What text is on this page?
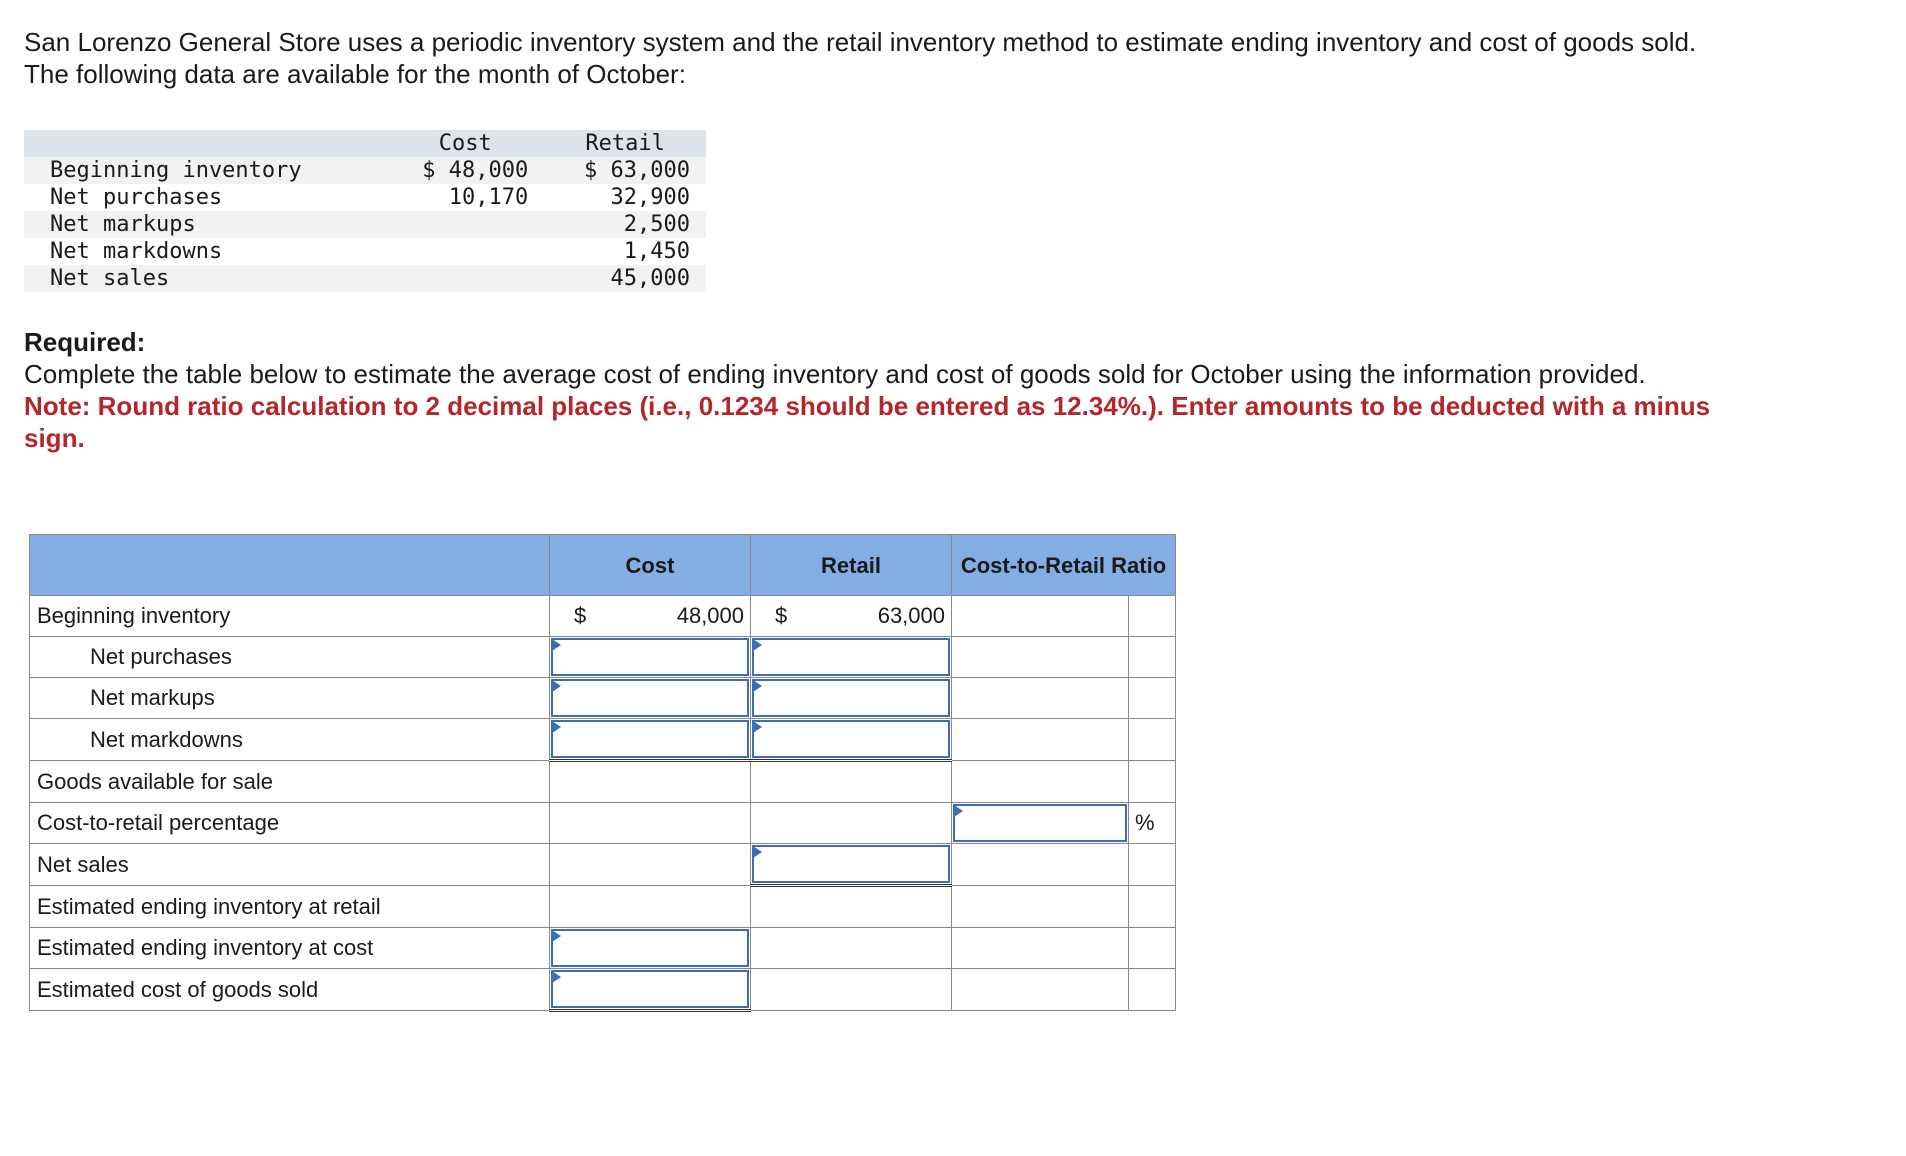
San Lorenzo General Store uses a periodic inventory system and the retail inventory method to estimate ending inventory and cost of goods sold. The following data are available for the month of October:
	Cost	Retail
Beginning inventory	$ 48,000	$ 63,000
Net purchases	10,170	32,900
Net markups		2,500
Net markdowns		1,450
Net sales		45,000
Required:
Complete the table below to estimate the average cost of ending inventory and cost of goods sold for October using the information provided.
Note: Round ratio calculation to 2 decimal places (i.e., 0.1234 should be entered as 12.34%.). Enter amounts to be deducted with a minus sign.
	Cost	Retail	Cost-to-Retail Ratio	
Beginning inventory	$ 48,000	$ 63,000		
Net purchases	

Net markups	

Net markdowns	

Goods available for sale				
Cost-to-retail percentage				%
Net sales		

Estimated ending inventory at retail				
Estimated ending inventory at cost	

Estimated cost of goods sold	
